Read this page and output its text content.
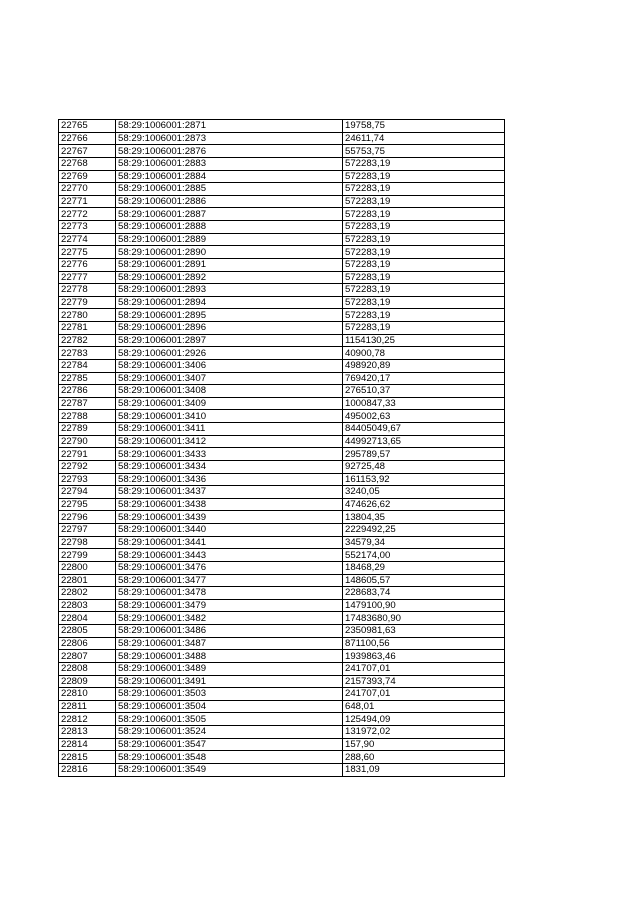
22765	58:29:1006001:2871	19758,75
22766	58:29:1006001:2873	24611,74
22767	58:29:1006001:2876	55753,75
22768	58:29:1006001:2883	572283,19
22769	58:29:1006001:2884	572283,19
22770	58:29:1006001:2885	572283,19
22771	58:29:1006001:2886	572283,19
22772	58:29:1006001:2887	572283,19
22773	58:29:1006001:2888	572283,19
22774	58:29:1006001:2889	572283,19
22775	58:29:1006001:2890	572283,19
22776	58:29:1006001:2891	572283,19
22777	58:29:1006001:2892	572283,19
22778	58:29:1006001:2893	572283,19
22779	58:29:1006001:2894	572283,19
22780	58:29:1006001:2895	572283,19
22781	58:29:1006001:2896	572283,19
22782	58:29:1006001:2897	1154130,25
22783	58:29:1006001:2926	40900,78
22784	58:29:1006001:3406	498920,89
22785	58:29:1006001:3407	769420,17
22786	58:29:1006001:3408	276510,37
22787	58:29:1006001:3409	1000847,33
22788	58:29:1006001:3410	495002,63
22789	58:29:1006001:3411	84405049,67
22790	58:29:1006001:3412	44992713,65
22791	58:29:1006001:3433	295789,57
22792	58:29:1006001:3434	92725,48
22793	58:29:1006001:3436	161153,92
22794	58:29:1006001:3437	3240,05
22795	58:29:1006001:3438	474626,62
22796	58:29:1006001:3439	13804,35
22797	58:29:1006001:3440	2229492,25
22798	58:29:1006001:3441	34579,34
22799	58:29:1006001:3443	552174,00
22800	58:29:1006001:3476	18468,29
22801	58:29:1006001:3477	148605,57
22802	58:29:1006001:3478	228683,74
22803	58:29:1006001:3479	1479100,90
22804	58:29:1006001:3482	17483680,90
22805	58:29:1006001:3486	2350981,63
22806	58:29:1006001:3487	871100,56
22807	58:29:1006001:3488	1939863,46
22808	58:29:1006001:3489	241707,01
22809	58:29:1006001:3491	2157393,74
22810	58:29:1006001:3503	241707,01
22811	58:29:1006001:3504	648,01
22812	58:29:1006001:3505	125494,09
22813	58:29:1006001:3524	131972,02
22814	58:29:1006001:3547	157,90
22815	58:29:1006001:3548	288,60
22816	58:29:1006001:3549	1831,09
